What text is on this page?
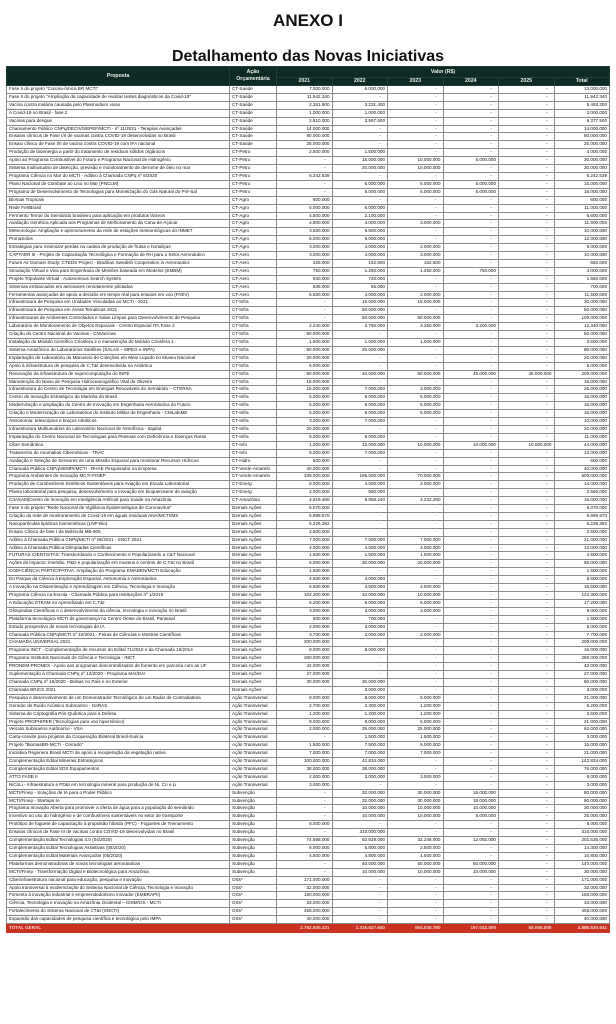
ANEXO I
Detalhamento das Novas Iniciativas
Proposta	Ação Orçamentária	Valor (R$)					
		2021	2022	2023	2024	2025	Total
Fase II do projeto "Corona-ômica BR MCTI"	CT-Saúde	7.000.000	6.000.000	-	-	-	13.000.000
Fase II do projeto "Ampliação da capacidade de realizar testes diagnósticos da Covid-19"	CT-Saúde	11.942.340	-	-	-	-	11.942.340
Vacina contra malária causada pelo Plasmodium vivax	CT-Saúde	2.261.900	3.231.400	-	-	-	5.493.300
A Covid-19 no Brasil - fase 2	CT-Saúde	1.000.000	1.000.000	-	-	-	2.000.000
Vacinas para dengue	CT-Saúde	2.810.000	3.567.500	-	-	-	6.377.500
Chamamento Público CNPq/DECIV/SEPEF/MCTI - nº 11/2021 - Terapias Avançadas	CT-Saúde	14.000.000	-	-	-	-	14.000.000
Ensaios clínicos de Fase I/II de vacinas contra COVID-19 desenvolvidas no Brasil	CT-Saúde	80.000.000	-	-	-	-	80.000.000
Ensaio clínico de Fase I/II de vacina contra COVID-19 com IFA nacional	CT-Saúde	25.000.000	-	-	-	-	25.000.000
Produção de bioenergia a partir do tratamento de resíduos sólidos orgânicos	CT-Petro	2.500.000	1.500.000	-	-	-	4.000.000
Apoio ao Programa Combustível do Futuro e Programa Nacional de Hidrogênio	CT-Petro	-	15.000.000	10.000.000	5.000.000	-	30.000.000
Sistema multiusuário de detecção, previsão e monitoramento de derrame de óleo no mar	CT-Petro	-	20.000.000	10.000.000	-	-	30.000.000
Programa Ciência no Mar do MCTI - Aditivo à Chamada CNPq nº 6/2020	CT-Petro	6.242.539	-	-	-	-	6.242.539
Plano Nacional de Combate ao Lixo no Mar (PNCLM)	CT-Petro	-	5.000.000	5.000.000	5.000.000	-	15.000.000
Programa de Desenvolvimento de Tecnologias para Monetização do Gás Natural do Pré-Sal	CT-Petro	-	5.000.000	5.000.000	5.000.000	-	15.000.000
Biomas Tropicais	CT-Agro	600.000	-	-	-	-	600.000
Rede FertBrasil	CT-Agro	5.000.000	6.000.000	-	-	-	11.000.000
Fermento Terroir do Semiárido brasileiro para aplicação em produtos lácteos	CT-Agro	4.500.000	2.100.000	-	-	-	6.600.000
Avaliação Genética Aplicada aos Programas de Melhoramento da Cana-de-Açúcar	CT-Agro	4.900.000	4.000.000	3.000.000	-	-	11.900.000
Meteorologia: Ampliação e aprimoramento da rede de estações meteorológicas do INMET	CT-Agro	3.500.000	6.500.000	-	-	-	10.000.000
PronaSolos	CT-Agro	6.000.000	6.000.000	-	-	-	12.000.000
Estratégias para minimizar perdas na cadeia de produção de frutas e hortaliças	CT-Agro	3.000.000	4.000.000	2.000.000	-	-	9.000.000
CAPTAER III - Projeto de Capacitação Tecnológica e Formação de RH para o Setor Aeronáutico	CT-Aero	3.000.000	4.000.000	3.000.000	-	-	10.000.000
Future Air Domain Study: CTEDS Project - Brazilian Swedish Cooperation in Aeronautics	CT-Aero	325.000	162.500	162.500	-	-	650.000
Simulação Virtual e Viva para Engenharia de Missões baseada em Modelos (EMBM)	CT-Aero	750.000	1.250.000	1.250.000	750.000	-	4.000.000
Projeto Tripulante Virtual - Autonomous Search System	CT-Aero	940.000	720.000	-	-	-	1.660.000
Sistemas embarcados em aeronaves remotamente pilotadas	CT-Aero	635.000	65.000	-	-	-	700.000
Ferramentas avançadas de apoio a decisão em tempo real para ensaios em voo (FAEV)	CT-Aero	5.500.000	4.000.000	2.000.000	-	-	11.500.000
Infraestrutura de Pesquisa em Unidades Vinculadas ao MCTI - 2021	CT-Infra	-	15.000.000	15.000.000	-	-	30.000.000
Infraestrutura de Pesquisa em Áreas Temáticas 2021	CT-Infra	-	50.000.000	-	-	-	50.000.000
Infraestruturas de Ambientes Controlados e Salas Limpas para Desenvolvimento de Pesquisa	CT-Infra	-	50.000.000	50.000.000	-	-	100.000.000
Laboratório de Monitoramento de Objetos Espaciais - Centro Espacial ITA Fase 2	CT-Infra	2.240.000	3.750.000	3.250.000	3.200.000	-	12.440.000
Criação do Centro Nacional de Vacinas - CNVacinas	CT-Infra	50.000.000	-	-	-	-	50.000.000
Instalação do Módulo Científico Criosfera 2 e manutenção do Módulo Criosfera 1	CT-Infra	1.500.000	1.000.000	1.000.000	-	-	3.500.000
Sistema Amazônico de Laboratórios Satélites (SALAS – MPEG e INPA)	CT-Infra	60.000.000	20.000.000	-	-	-	80.000.000
Implantação de Laboratório de Manuseio de Coleções em Meio Líquido no Museu Nacional	CT-Infra	20.000.000	-	-	-	-	20.000.000
Apoio à infraestrutura de pesquisa de C,T&I desenvolvida na Antártica	CT-Infra	5.000.000	-	-	-	-	5.000.000
Renovação da infraestrutura de supercomputação do INPE	CT-Infra	50.000.000	10.000.000	50.000.000	45.000.000	45.000.000	200.000.000
Manutenção do Navio de Pesquisa Hidroceanográfico Vital de Oliveira	CT-Infra	15.000.000	-	-	-	-	15.000.000
Infraestrutura do Centro de Tecnologia em Energias Renováveis do Semiárido – CTERSA	CT-Infra	15.000.000	7.000.000	3.000.000	-	-	25.000.000
Centro de Inovação Estratégico da Marinha do Brasil	CT-Infra	5.000.000	5.000.000	5.000.000	-	-	15.000.000
Modernização e ampliação do Centro de Inovação em Engenharia Aeronáutica do Futuro	CT-Infra	5.000.000	5.000.000	5.000.000	-	-	15.000.000
Criação e Modernização de Laboratórios do Instituto Militar de Engenharia - CMLabIME	CT-Infra	5.000.000	5.000.000	5.000.000	-	-	15.000.000
Astronomia: telescópios e braços robóticos	CT-Infra	3.000.000	7.000.000	-	-	-	10.000.000
Infraestrutura Multiusuários do Laboratório Nacional de Astrofísica - Itajubá	CT-Infra	20.000.000	-	-	-	-	20.000.000
Implantação do Centro Nacional de Tecnologias para Pessoas com Deficiência e Doenças Raras	CT-Infra	6.000.000	5.000.000	-	-	-	11.000.000
Ciber Semântica	CT-Info	1.000.000	13.000.000	10.000.000	10.000.000	10.000.000	44.000.000
Tratamento de Anomalias Cibernéticas - TRAC	CT-Info	6.000.000	7.000.000	-	-	-	13.000.000
Avaliação e Seleção de Sensores de uma Missão Espacial para monitorar Recursos Hídricos	CT-Hidro	600.000	-	-	-	-	600.000
Chamada Pública CNPq/SEMPI/MCTI - RHAE Pesquisador na Empresa	CT-Verde-Amarelo	40.000.000	-	-	-	-	40.000.000
Programa Ambientes de Inovação MCTI-FINEP	CT-Verde-Amarelo	335.000.000	195.000.000	70.000.000	-	-	600.000.000
Produção de Combustíveis Sintéticos Sustentáveis para Aviação em Escala Laboratorial	CT-Energ	8.000.000	4.000.000	2.000.000	-	-	14.000.000
Planta laboratorial para pesquisa, desenvolvimento e inovação em bioquerosene de aviação	CT-Energ	2.000.000	560.000	-	-	-	2.560.000
CIIASAM|Centro de Inovação em Inteligência Artificial para Saúde na Amazônia	CT-Amazônia	4.919.480	5.858.240	4.222.280	-	-	15.000.000
Fase II do projeto "Rede Nacional de Vigilância Epidemiológica de Coronavírus"	Demais Ações	6.070.000	-	-	-	-	6.070.000
Criação da rede de monitoramento de Covid-19 em águas residuais ANA/MCTI/MS	Demais Ações	5.999.570	-	-	-	-	5.999.570
Nanopartículas lipídicas biomiméticas (LNP-Bio)	Demais Ações	5.226.392	-	-	-	-	5.226.392
Ensaio Clínico de fase I da Molécula MB-905	Demais Ações	2.500.000	-	-	-	-	2.500.000
Aditivo à Chamada Pública CNPq/MCTI nº 06/2021 - SNCT 2021	Demais Ações	7.000.000	7.000.000	7.000.000	-	-	21.000.000
Aditivo à Chamada Pública Olimpíadas Científicas	Demais Ações	4.000.000	4.000.000	4.000.000	-	-	12.000.000
FUTURAS CIENTISTAS: Transbordando o Conhecimento e Popularizando a C&T Nacional	Demais Ações	1.500.000	1.500.000	1.500.000	-	-	4.500.000
Ações de impacto: imersão, P&D e popularização em museus e centros de C,T&I no Brasil	Demais Ações	5.000.000	30.000.000	20.000.000	-	-	55.000.000
COM-CIÊNCIA PARTICIPATIVA: Ampliação do Programa EMADEN/MCTI Educação	Demais Ações	1.500.000	-	-	-	-	1.500.000
Do Parque da Ciência à Exploração Espacial, Astronomia e Astronáutica	Demais Ações	4.500.000	4.000.000	-	-	-	8.500.000
A Inovação na Disseminação e Aprendizagem em Ciência, Tecnologia e Inovação	Demais Ações	6.500.000	4.500.000	4.500.000	-	-	15.500.000
Programa Ciência na Escola - Chamada Pública para Instituições nº 1/2019	Demais Ações	102.300.000	10.000.000	10.000.000	-	-	122.300.000
A Educação STEAM no Aprendizado em C,T&I	Demais Ações	5.200.000	6.000.000	6.000.000	-	-	17.200.000
Olimpíadas Científicas e o desenvolvimento da ciência, tecnologia e inovação no Brasil	Demais Ações	3.000.000	3.000.000	3.000.000	-	-	9.000.000
Plataforma tecnológica MCTI de governança no Centro Oeste do Brasil, Pantanal	Demais Ações	800.000	700.000	-	-	-	1.500.000
Estudo prospectivo de novas tecnologias de IA	Demais Ações	2.000.000	3.000.000	-	-	-	5.000.000
Chamada Pública CNPq/MCTI nº 10/2021 - Feiras de Ciências e Mostras Científicas	Demais Ações	3.700.000	2.000.000	2.000.000	-	-	7.700.000
CHAMADA UNIVERSAL 2021	Demais Ações	200.000.000	-	-	-	-	200.000.000
Programa INCT - Complementação de recursos do Edital 71/2010 e da Chamada 16/2014	Demais Ações	8.000.000	8.000.000	-	-	-	16.000.000
Programa Institutos Nacionais de Ciência e Tecnologia - INCT	Demais Ações	280.000.000	-	-	-	-	280.000.000
PRONEM-PRONEX - Apoio aos programas descentralizados de fomento em parceria com as UF	Demais Ações	42.000.000	-	-	-	-	42.000.000
Suplementação à Chamada CNPq nº 12/2020 - Programa MAI/DAI	Demais Ações	27.000.000	-	-	-	-	27.000.000
Chamada CNPq nº 16/2020 - Bolsas no País e no Exterior	Demais Ações	30.000.000	30.000.000	-	-	-	60.000.000
Chamada BRICS 2021	Demais Ações	-	3.000.000	-	-	-	3.000.000
Pesquisa e desenvolvimento de um Demonstrador Tecnológico de um Radar de Contrabateria	Ação Transversal	8.000.000	8.000.000	5.000.000	-	-	21.000.000
Gerador de Ruído Acústico Submarino - GeRAS	Ação Transversal	2.700.000	2.300.000	1.200.000	-	-	6.200.000
Sistema de Criptografia Pós-Quântica para a Defesa	Ação Transversal	1.200.000	1.200.000	1.200.000	-	-	3.600.000
Projeto PROPHIPER (Tecnologias para voo hipersônico)	Ação Transversal	8.000.000	8.000.000	5.000.000	-	-	21.000.000
Veículo Submarino Autônomo - VSA	Ação Transversal	2.000.000	35.000.000	25.000.000	-	-	62.000.000
Carta-convite para projetos da Cooperação Bilateral Brasil-Suécia	Ação Transversal	-	1.500.000	1.500.000	-	-	3.000.000
Projeto "BiomasBR-MCTI - Cerrado"	Ação Transversal	1.500.000	7.500.000	6.000.000	-	-	15.000.000
Iniciativa Regenera Brasil MCTI de apoio à recuperação da vegetação nativa	Ação Transversal	7.000.000	7.000.000	7.000.000	-	-	21.000.000
Complementação Edital Minerais Estratégicos	Ação Transversal	100.000.000	42.834.000	-	-	-	142.834.000
Complementação Edital SDS Equipamentos	Ação Transversal	38.000.000	38.000.000	-	-	-	76.000.000
ATTO FASE II	Ação Transversal	2.000.000	3.000.000	3.000.000	-	-	8.000.000
NiCoLi - Infraestrutura e PD&I em tecnologia mineral para produção de Ni, Co e Li	Ação Transversal	3.000.000	-	-	-	-	3.000.000
MCTI/Finep - Soluções de IA para o Poder Público	Subvenção	-	32.000.000	30.000.000	18.000.000	-	80.000.000
MCTI/Finep - Startups IA	Subvenção	-	32.000.000	30.000.000	18.000.000	-	80.000.000
Programa Inovação Aberta para promover a oferta de água para a população do semiárido	Subvenção	-	10.000.000	10.000.000	10.000.000	-	30.000.000
Incentivo ao uso do hidrogênio e de combustíveis sustentáveis no setor de transporte	Subvenção	-	10.000.000	10.000.000	5.000.000	-	25.000.000
Protótipo de foguete de capacitação à propulsão híbrida (PFC) - Foguetes de Treinamento	Subvenção	8.000.000	-	-	-	-	8.000.000
Ensaios clínicos de Fase III de vacinas contra COVID-19 desenvolvidas no Brasil	Subvenção	-	310.000.000	-	-	-	310.000.000
Complementação Edital Tecnologias 4.0 (04/2020)	Subvenção	74.568.000	82.629.000	32.246.000	12.092.000	-	201.535.000
Complementação Edital Tecnologias Assistivas (06/2020)	Subvenção	6.000.000	5.800.000	2.500.000	-	-	14.300.000
Complementação Edital Materiais Avançados (05/2020)	Subvenção	4.500.000	4.800.000	1.500.000	-	-	10.800.000
Plataformas demonstradoras de novas tecnologias aeronáuticas	Subvenção	-	40.000.000	50.000.000	50.000.000	-	140.000.000
MCTI/Finep - Transformação Digital e Biotecnológica para Amazônia	Subvenção	-	10.000.000	10.000.000	10.000.000	-	30.000.000
Ciberinfraestrutura nacional para educação, pesquisa e inovação	OSs*	171.000.000	-	-	-	-	171.000.000
Apoio transversal à modernização do Sistema Nacional de Ciência, Tecnologia e Inovação	OSs*	32.000.000	-	-	-	-	32.000.000
Fomento à inovação industrial e empreendedorismo inovador (EMBRAPII)	OSs*	160.000.000	-	-	-	-	160.000.000
Ciência, Tecnologia e Inovação na Amazônia Ocidental – IDSM/OS - MCTI	OSs*	33.000.000	-	-	-	-	33.000.000
Fortalecimento do Sistema Nacional de CT&I (SNCTI)	OSs*	455.000.000	-	-	-	-	455.000.000
Expansão das capacidades de pesquisa científica e tecnológica pelo IMPA	OSs*	40.000.000	-	-	-	-	40.000.000
TOTAL GERAL		2.762.930.221	1.316.527.640	554.030.780	197.042.000	55.000.000	4.885.530.641
